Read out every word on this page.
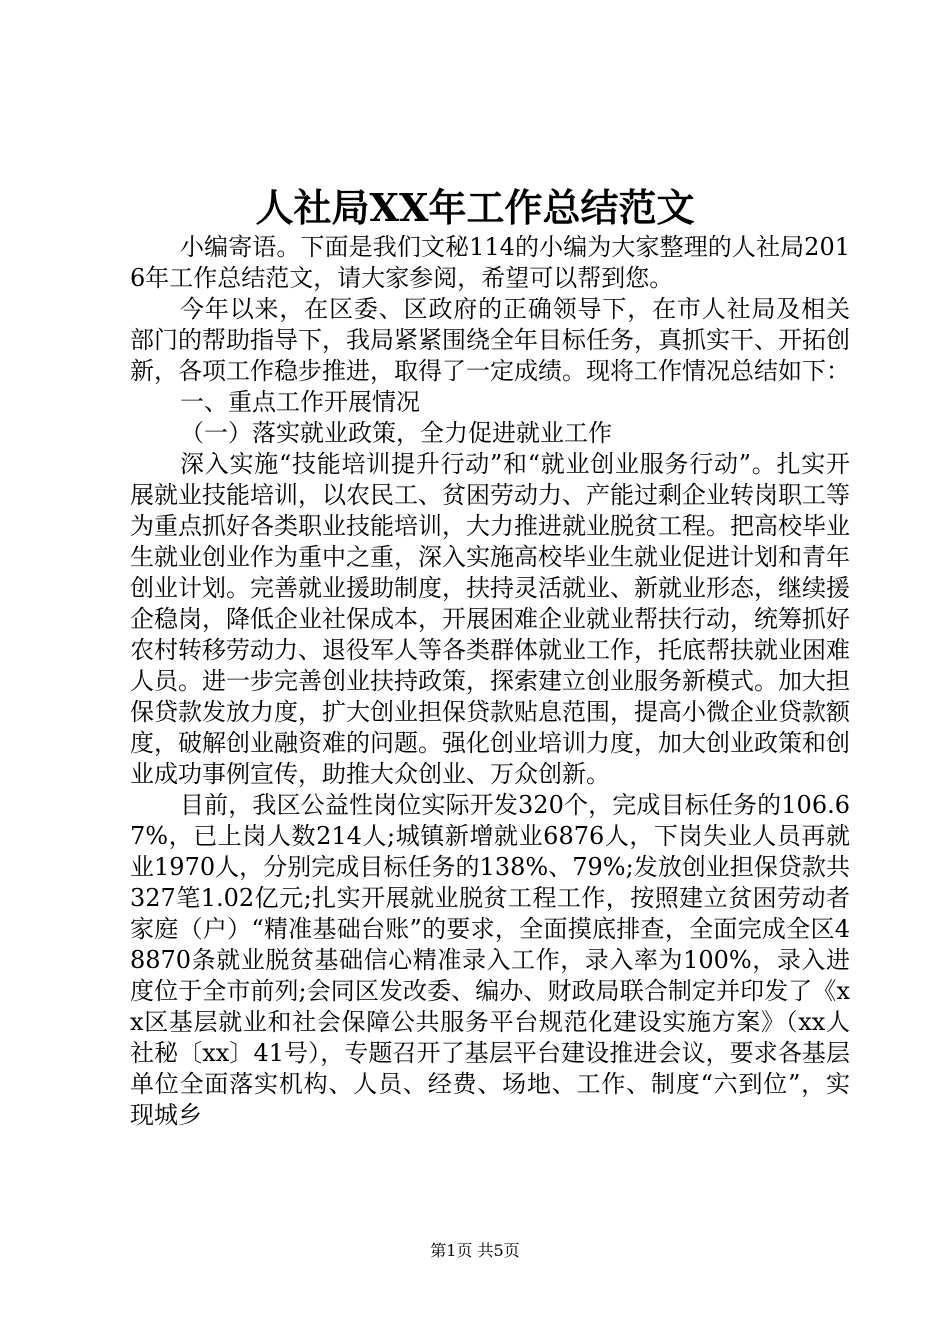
人社局XX年工作总结范文

小编寄语。下面是我们文秘114的小编为大家整理的人社局2016年工作总结范文，请大家参阅，希望可以帮到您。

今年以来，在区委、区政府的正确领导下，在市人社局及相关部门的帮助指导下，我局紧紧围绕全年目标任务，真抓实干、开拓创新，各项工作稳步推进，取得了一定成绩。现将工作情况总结如下：

一、重点工作开展情况

（一）落实就业政策，全力促进就业工作

深入实施“技能培训提升行动”和“就业创业服务行动”。扎实开展就业技能培训，以农民工、贫困劳动力、产能过剩企业转岗职工等为重点抓好各类职业技能培训，大力推进就业脱贫工程。把高校毕业生就业创业作为重中之重，深入实施高校毕业生就业促进计划和青年创业计划。完善就业援助制度，扶持灵活就业、新就业形态，继续援企稳岗，降低企业社保成本，开展困难企业就业帮扶行动，统筹抓好农村转移劳动力、退役军人等各类群体就业工作，托底帮扶就业困难人员。进一步完善创业扶持政策，探索建立创业服务新模式。加大担保贷款发放力度，扩大创业担保贷款贴息范围，提高小微企业贷款额度，破解创业融资难的问题。强化创业培训力度，加大创业政策和创业成功事例宣传，助推大众创业、万众创新。

目前，我区公益性岗位实际开发320个，完成目标任务的106.67%，已上岗人数214人;城镇新增就业6876人，下岗失业人员再就业1970人，分别完成目标任务的138%、79%;发放创业担保贷款共327笔1.02亿元;扎实开展就业脱贫工程工作，按照建立贫困劳动者家庭（户）“精准基础台账”的要求，全面摸底排查，全面完成全区48870条就业脱贫基础信心精准录入工作，录入率为100%，录入进度位于全市前列;会同区发改委、编办、财政局联合制定并印发了《xx区基层就业和社会保障公共服务平台规范化建设实施方案》（xx人社秘〔xx〕41号），专题召开了基层平台建设推进会议，要求各基层单位全面落实机构、人员、经费、场地、工作、制度“六到位”，实现城乡

第1页 共5页
